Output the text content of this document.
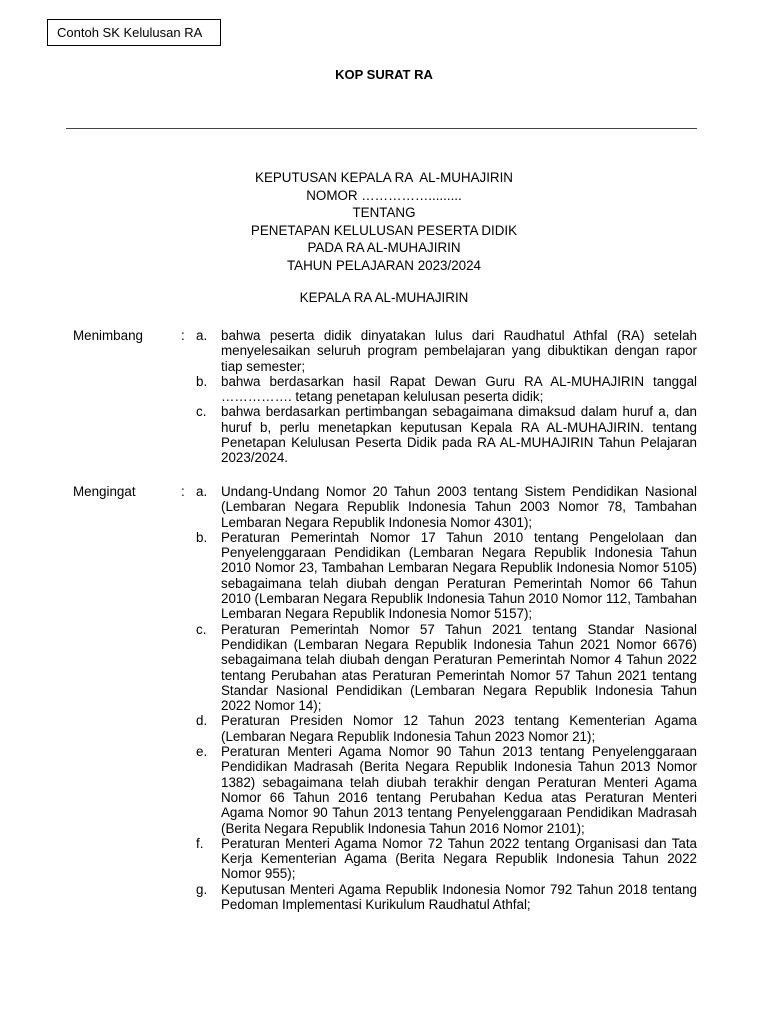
Contoh SK Kelulusan RA
KOP SURAT RA
KEPUTUSAN KEPALA RA  AL-MUHAJIRIN
NOMOR …………….........
TENTANG
PENETAPAN KELULUSAN PESERTA DIDIK
PADA RA AL-MUHAJIRIN
TAHUN PELAJARAN 2023/2024
KEPALA RA AL-MUHAJIRIN
Menimbang	: a. bahwa peserta didik dinyatakan lulus dari Raudhatul Athfal (RA) setelah menyelesaikan seluruh program pembelajaran yang dibuktikan dengan rapor tiap semester;
b. bahwa berdasarkan hasil Rapat Dewan Guru RA AL-MUHAJIRIN tanggal ……………. tetang penetapan kelulusan peserta didik;
c. bahwa berdasarkan pertimbangan sebagaimana dimaksud dalam huruf a, dan huruf b, perlu menetapkan keputusan Kepala RA AL-MUHAJIRIN. tentang Penetapan Kelulusan Peserta Didik pada RA AL-MUHAJIRIN Tahun Pelajaran 2023/2024.
Mengingat	: a. Undang-Undang Nomor 20 Tahun 2003 tentang Sistem Pendidikan Nasional (Lembaran Negara Republik Indonesia Tahun 2003 Nomor 78, Tambahan Lembaran Negara Republik Indonesia Nomor 4301);
b. Peraturan Pemerintah Nomor 17 Tahun 2010 tentang Pengelolaan dan Penyelenggaraan Pendidikan (Lembaran Negara Republik Indonesia Tahun 2010 Nomor 23, Tambahan Lembaran Negara Republik Indonesia Nomor 5105) sebagaimana telah diubah dengan Peraturan Pemerintah Nomor 66 Tahun 2010 (Lembaran Negara Republik Indonesia Tahun 2010 Nomor 112, Tambahan Lembaran Negara Republik Indonesia Nomor 5157);
c. Peraturan Pemerintah Nomor 57 Tahun 2021 tentang Standar Nasional Pendidikan (Lembaran Negara Republik Indonesia Tahun 2021 Nomor 6676) sebagaimana telah diubah dengan Peraturan Pemerintah Nomor 4 Tahun 2022 tentang Perubahan atas Peraturan Pemerintah Nomor 57 Tahun 2021 tentang Standar Nasional Pendidikan (Lembaran Negara Republik Indonesia Tahun 2022 Nomor 14);
d. Peraturan Presiden Nomor 12 Tahun 2023 tentang Kementerian Agama (Lembaran Negara Republik Indonesia Tahun 2023 Nomor 21);
e. Peraturan Menteri Agama Nomor 90 Tahun 2013 tentang Penyelenggaraan Pendidikan Madrasah (Berita Negara Republik Indonesia Tahun 2013 Nomor 1382) sebagaimana telah diubah terakhir dengan Peraturan Menteri Agama Nomor 66 Tahun 2016 tentang Perubahan Kedua atas Peraturan Menteri Agama Nomor 90 Tahun 2013 tentang Penyelenggaraan Pendidikan Madrasah (Berita Negara Republik Indonesia Tahun 2016 Nomor 2101);
f. Peraturan Menteri Agama Nomor 72 Tahun 2022 tentang Organisasi dan Tata Kerja Kementerian Agama (Berita Negara Republik Indonesia Tahun 2022 Nomor 955);
g. Keputusan Menteri Agama Republik Indonesia Nomor 792 Tahun 2018 tentang Pedoman Implementasi Kurikulum Raudhatul Athfal;
